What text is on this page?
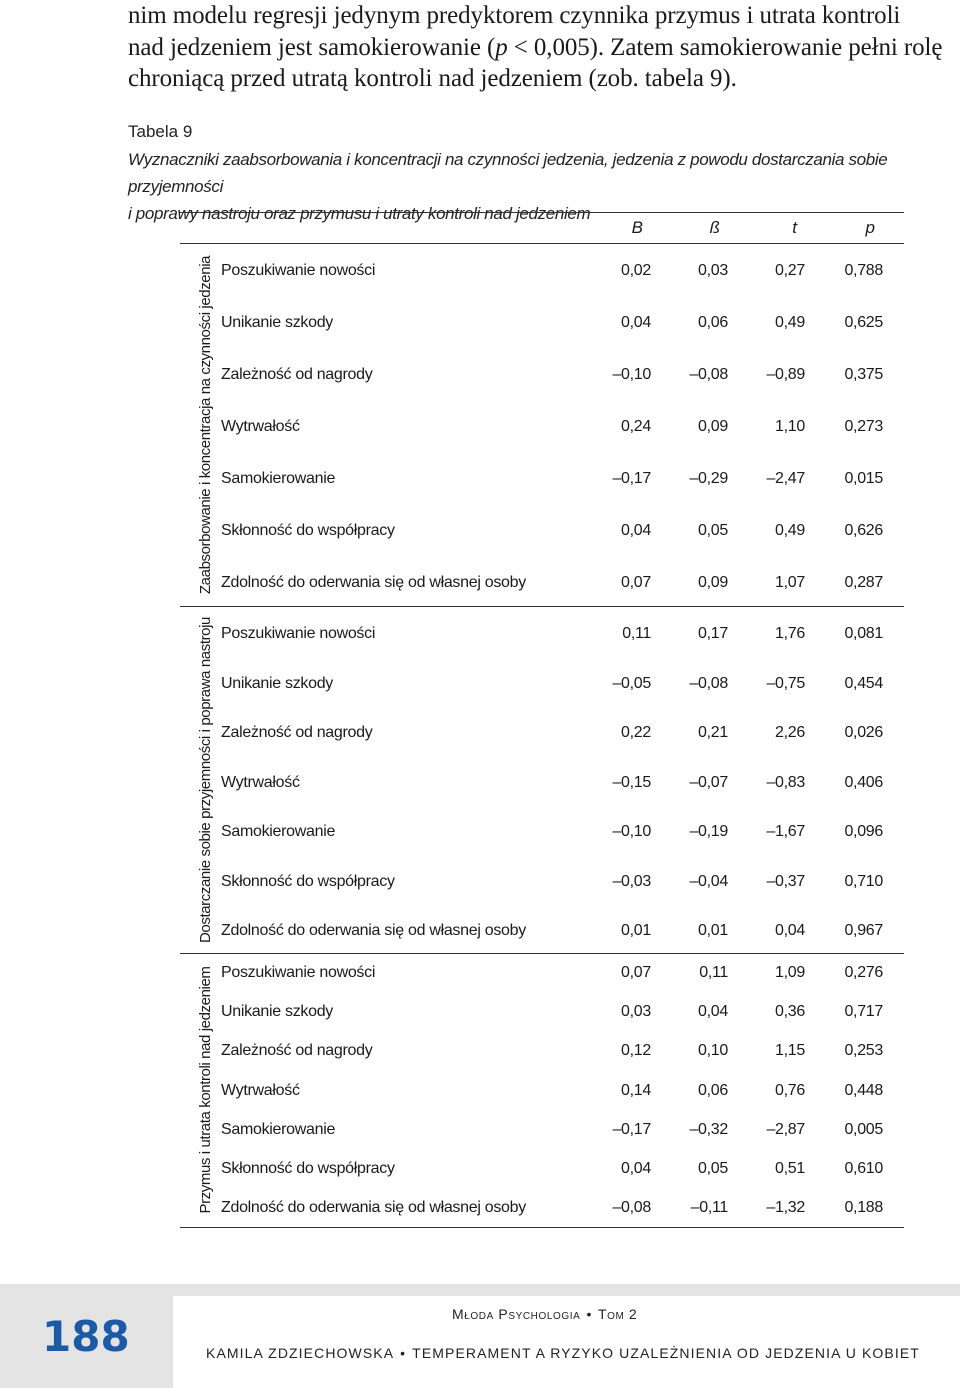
nim modelu regresji jedynym predyktorem czynnika przymus i utrata kontroli
nad jedzeniem jest samokierowanie (p < 0,005). Zatem samokierowanie pełni rolę
chroniącą przed utratą kontroli nad jedzeniem (zob. tabela 9).
Tabela 9
Wyznaczniki zaabsorbowania i koncentracji na czynności jedzenia, jedzenia z powodu dostarczania sobie przyjemności
i poprawy nastroju oraz przymusu i utraty kontroli nad jedzeniem
B	ß	t	p
Zaabsorbowanie i koncentracja na czynności jedzenia
Dostarczanie sobie przyjemności i poprawa nastroju
Przymus i utrata kontroli nad jedzeniem
Poszukiwanie nowości	0,02	0,03	0,27	0,788
Unikanie szkody	0,04	0,06	0,49	0,625
Zależność od nagrody	–0,10	–0,08	–0,89	0,375
Wytrwałość	0,24	0,09	1,10	0,273
Samokierowanie	–0,17	–0,29	–2,47	0,015
Skłonność do współpracy	0,04	0,05	0,49	0,626
Zdolność do oderwania się od własnej osoby	0,07	0,09	1,07	0,287
Poszukiwanie nowości	0,11	0,17	1,76	0,081
Unikanie szkody	–0,05	–0,08	–0,75	0,454
Zależność od nagrody	0,22	0,21	2,26	0,026
Wytrwałość	–0,15	–0,07	–0,83	0,406
Samokierowanie	–0,10	–0,19	–1,67	0,096
Skłonność do współpracy	–0,03	–0,04	–0,37	0,710
Zdolność do oderwania się od własnej osoby	0,01	0,01	0,04	0,967
Poszukiwanie nowości	0,07	0,11	1,09	0,276
Unikanie szkody	0,03	0,04	0,36	0,717
Zależność od nagrody	0,12	0,10	1,15	0,253
Wytrwałość	0,14	0,06	0,76	0,448
Samokierowanie	–0,17	–0,32	–2,87	0,005
Skłonność do współpracy	0,04	0,05	0,51	0,610
Zdolność do oderwania się od własnej osoby	–0,08	–0,11	–1,32	0,188
188	Młoda Psychologia • Tom 2
KAMILA ZDZIECHOWSKA • TEMPERAMENT A RYZYKO UZALEŻNIENIA OD JEDZENIA U KOBIET
